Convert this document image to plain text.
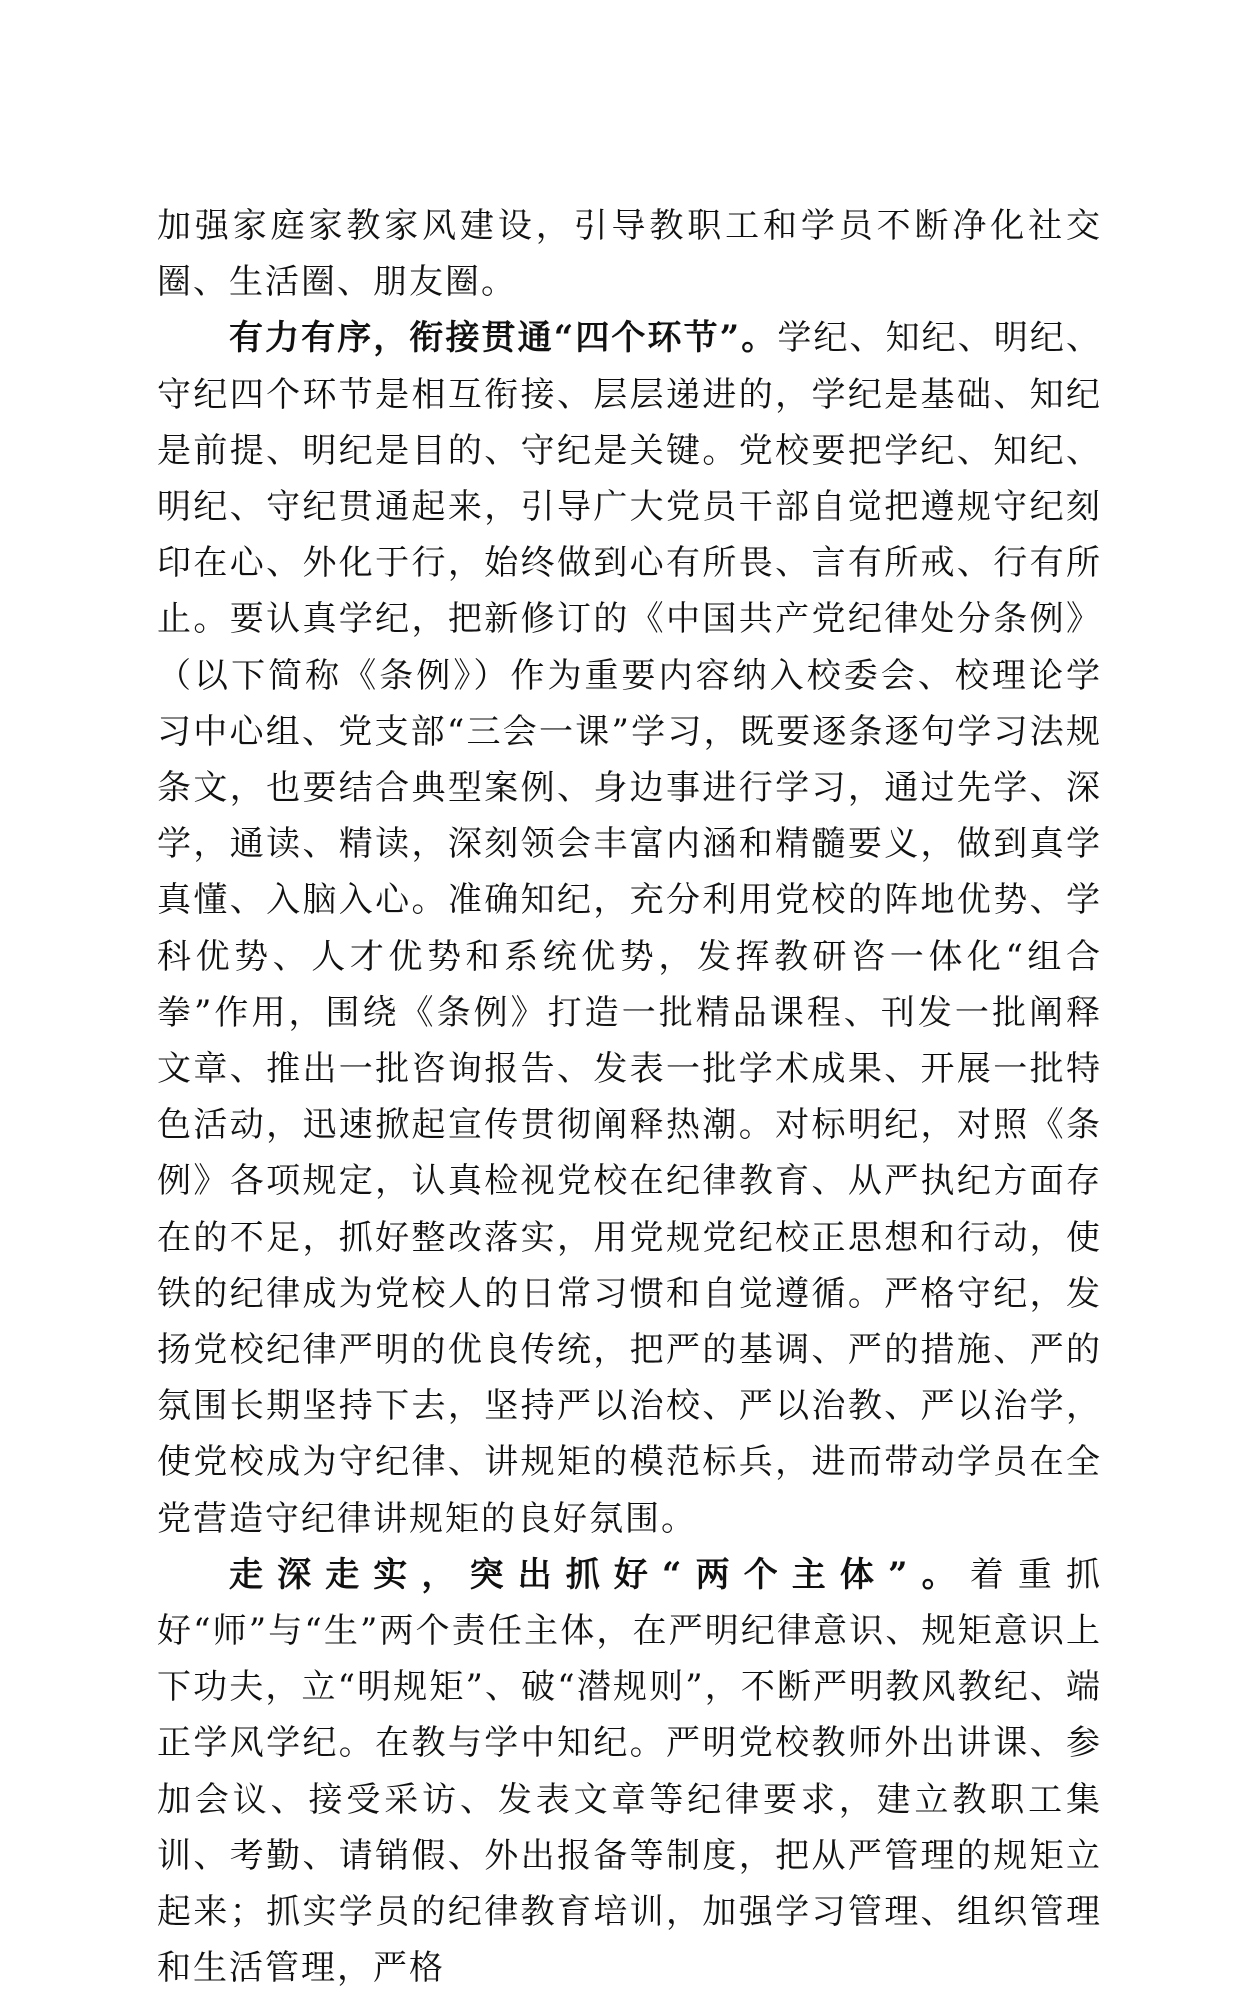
加强家庭家教家风建设，引导教职工和学员不断净化社交圈、生活圈、朋友圈。

有力有序，衔接贯通“四个环节”。学纪、知纪、明纪、守纪四个环节是相互衔接、层层递进的，学纪是基础、知纪是前提、明纪是目的、守纪是关键。党校要把学纪、知纪、明纪、守纪贯通起来，引导广大党员干部自觉把遵规守纪刻印在心、外化于行，始终做到心有所畏、言有所戒、行有所止。要认真学纪，把新修订的《中国共产党纪律处分条例》（以下简称《条例》）作为重要内容纳入校委会、校理论学习中心组、党支部“三会一课”学习，既要逐条逐句学习法规条文，也要结合典型案例、身边事进行学习，通过先学、深学，通读、精读，深刻领会丰富内涵和精髓要义，做到真学真懂、入脑入心。准确知纪，充分利用党校的阵地优势、学科优势、人才优势和系统优势，发挥教研咨一体化“组合拳”作用，围绕《条例》打造一批精品课程、刊发一批阐释文章、推出一批咨询报告、发表一批学术成果、开展一批特色活动，迅速掀起宣传贯彻阐释热潮。对标明纪，对照《条例》各项规定，认真检视党校在纪律教育、从严执纪方面存在的不足，抓好整改落实，用党规党纪校正思想和行动，使铁的纪律成为党校人的日常习惯和自觉遵循。严格守纪，发扬党校纪律严明的优良传统，把严的基调、严的措施、严的氛围长期坚持下去，坚持严以治校、严以治教、严以治学，使党校成为守纪律、讲规矩的模范标兵，进而带动学员在全党营造守纪律讲规矩的良好氛围。

走深走实，突出抓好“两个主体”。着重抓好“师”与“生”两个责任主体，在严明纪律意识、规矩意识上下功夫，立“明规矩”、破“潜规则”，不断严明教风教纪、端正学风学纪。在教与学中知纪。严明党校教师外出讲课、参加会议、接受采访、发表文章等纪律要求，建立教职工集训、考勤、请销假、外出报备等制度，把从严管理的规矩立起来；抓实学员的纪律教育培训，加强学习管理、组织管理和生活管理，严格
